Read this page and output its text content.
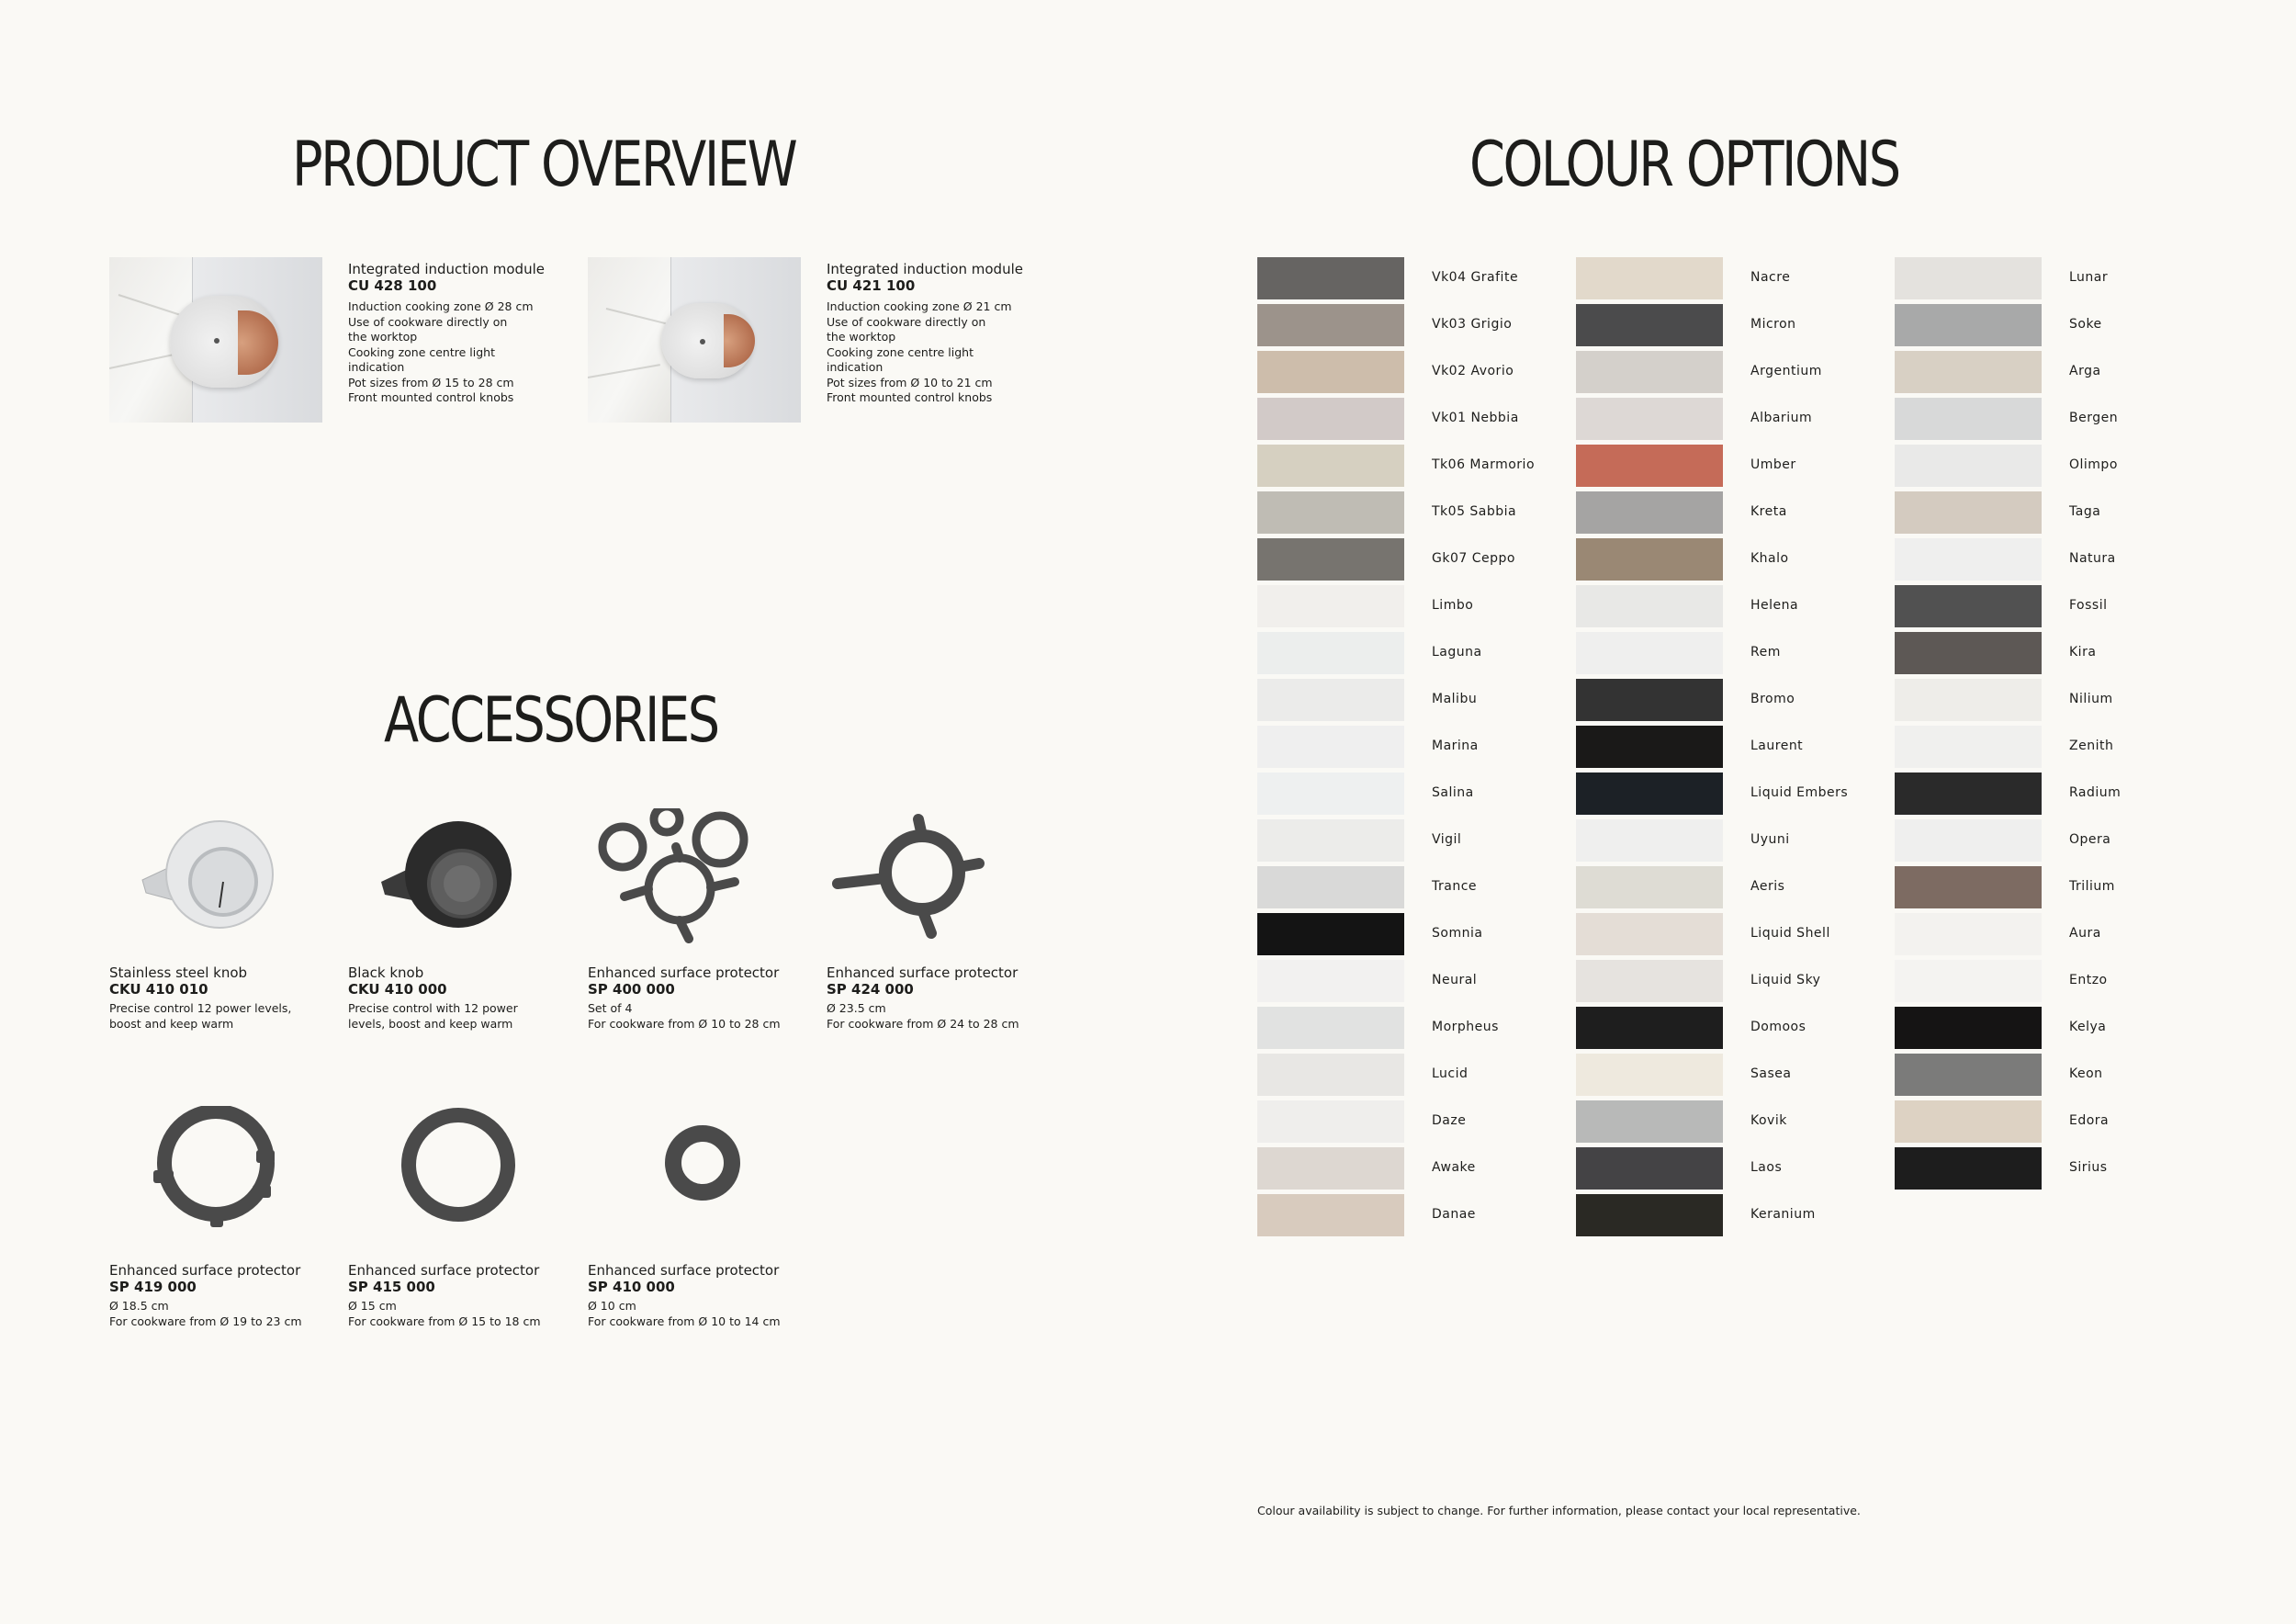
PRODUCT OVERVIEW
ACCESSORIES
COLOUR OPTIONS
Integrated induction module
CU 428 100
Induction cooking zone Ø 28 cm
Use of cookware directly on
the worktop
Cooking zone centre light
indication
Pot sizes from Ø 15 to 28 cm
Front mounted control knobs
Integrated induction module
CU 421 100
Induction cooking zone Ø 21 cm
Use of cookware directly on
the worktop
Cooking zone centre light
indication
Pot sizes from Ø 10 to 21 cm
Front mounted control knobs
Stainless steel knob
CKU 410 010
Precise control 12 power levels,
boost and keep warm
Black knob
CKU 410 000
Precise control with 12 power
levels, boost and keep warm
Enhanced surface protector
SP 400 000
Set of 4
For cookware from Ø 10 to 28 cm
Enhanced surface protector
SP 424 000
Ø 23.5 cm
For cookware from Ø 24 to 28 cm
Enhanced surface protector
SP 419 000
Ø 18.5 cm
For cookware from Ø 19 to 23 cm
Enhanced surface protector
SP 415 000
Ø 15 cm
For cookware from Ø 15 to 18 cm
Enhanced surface protector
SP 410 000
Ø 10 cm
For cookware from Ø 10 to 14 cm
Vk04 Grafite
Vk03 Grigio
Vk02 Avorio
Vk01 Nebbia
Tk06 Marmorio
Tk05 Sabbia
Gk07 Ceppo
Limbo
Laguna
Malibu
Marina
Salina
Vigil
Trance
Somnia
Neural
Morpheus
Lucid
Daze
Awake
Danae
Nacre
Micron
Argentium
Albarium
Umber
Kreta
Khalo
Helena
Rem
Bromo
Laurent
Liquid Embers
Uyuni
Aeris
Liquid Shell
Liquid Sky
Domoos
Sasea
Kovik
Laos
Keranium
Lunar
Soke
Arga
Bergen
Olimpo
Taga
Natura
Fossil
Kira
Nilium
Zenith
Radium
Opera
Trilium
Aura
Entzo
Kelya
Keon
Edora
Sirius
Colour availability is subject to change. For further information, please contact your local representative.
